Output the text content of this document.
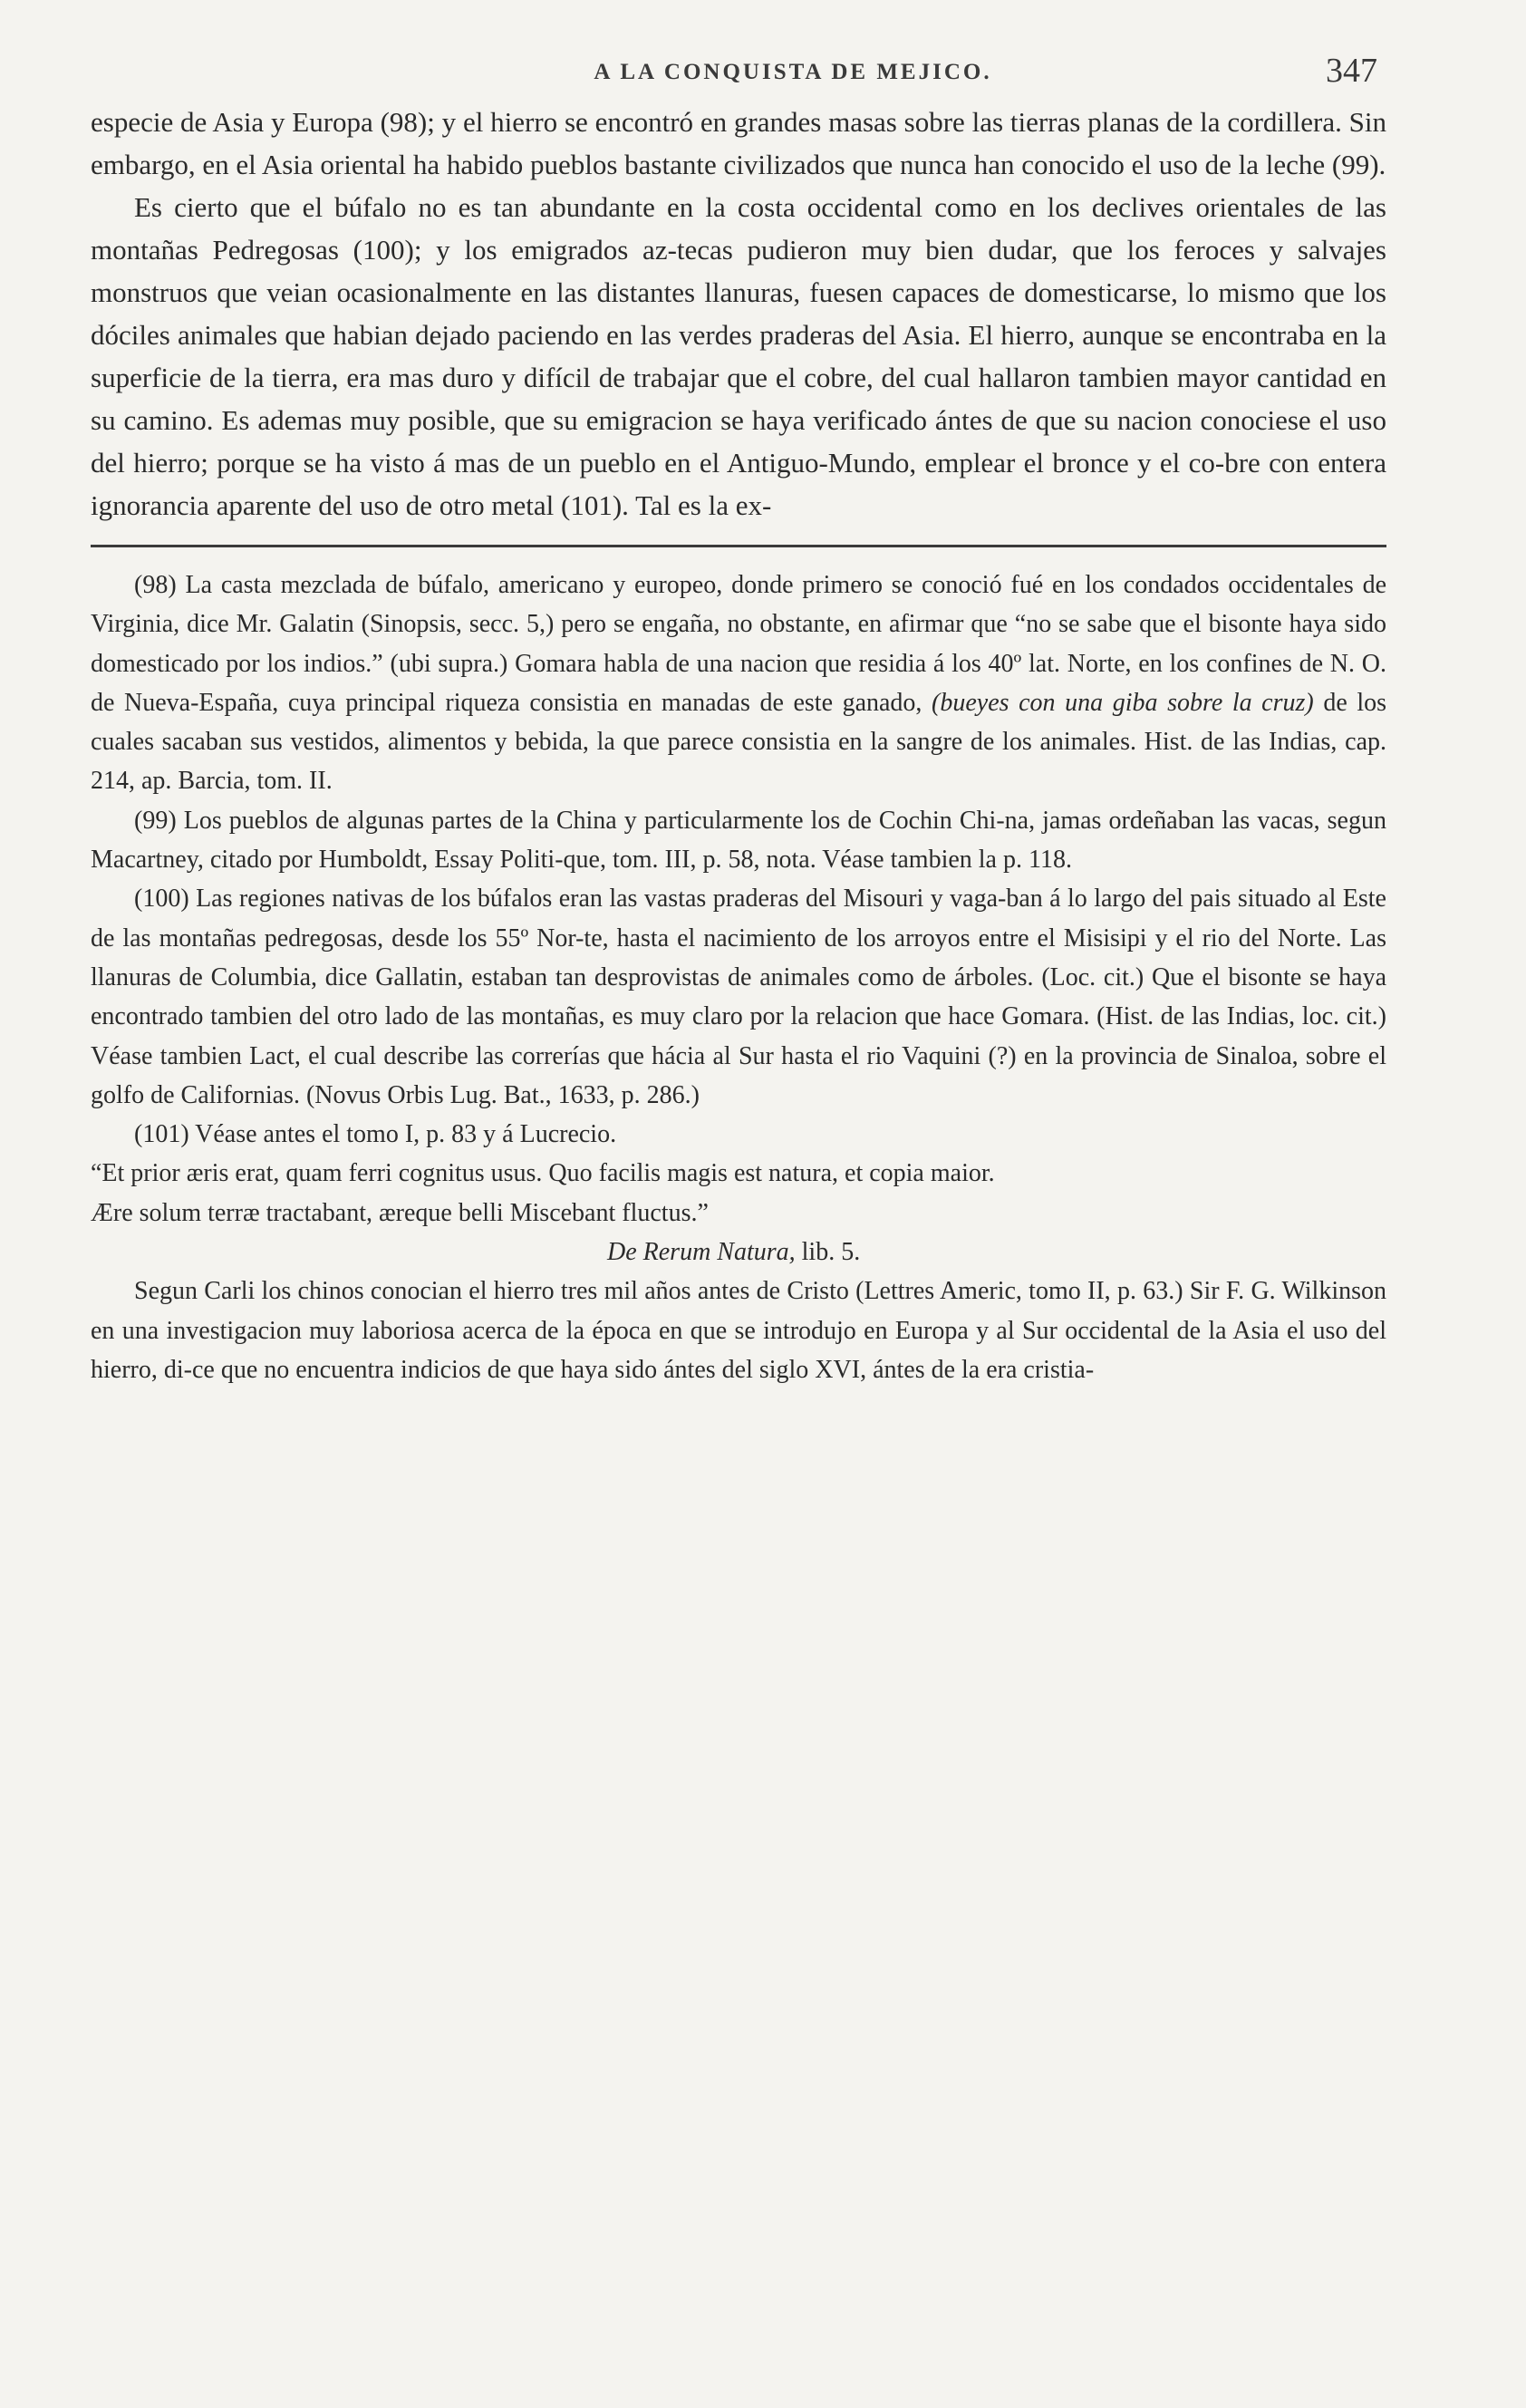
A LA CONQUISTA DE MEJICO.	347

especie de Asia y Europa (98); y el hierro se encontró en grandes masas sobre las tierras planas de la cordillera. Sin embargo, en el Asia oriental ha habido pueblos bastante civilizados que nunca han conocido el uso de la leche (99).

Es cierto que el búfalo no es tan abundante en la costa occidental como en los declives orientales de las montañas Pedregosas (100); y los emigrados az-tecas pudieron muy bien dudar, que los feroces y salvajes monstruos que veian ocasionalmente en las distantes llanuras, fuesen capaces de domesticarse, lo mismo que los dóciles animales que habian dejado paciendo en las verdes praderas del Asia. El hierro, aunque se encontraba en la superficie de la tierra, era mas duro y difícil de trabajar que el cobre, del cual hallaron tambien mayor cantidad en su camino. Es ademas muy posible, que su emigracion se haya verificado ántes de que su nacion conociese el uso del hierro; porque se ha visto á mas de un pueblo en el Antiguo-Mundo, emplear el bronce y el co-bre con entera ignorancia aparente del uso de otro metal (101). Tal es la ex-

(98) La casta mezclada de búfalo, americano y europeo, donde primero se conoció fué en los condados occidentales de Virginia, dice Mr. Galatin (Sinopsis, secc. 5,) pero se engaña, no obstante, en afirmar que “no se sabe que el bisonte haya sido domesticado por los indios.” (ubi supra.) Gomara habla de una nacion que residia á los 40º lat. Norte, en los confines de N. O. de Nueva-España, cuya principal riqueza consistia en manadas de este ganado, (bueyes con una giba sobre la cruz) de los cuales sacaban sus vestidos, alimentos y bebida, la que parece consistia en la sangre de los animales. Hist. de las Indias, cap. 214, ap. Barcia, tom. II.

(99) Los pueblos de algunas partes de la China y particularmente los de Cochin Chi-na, jamas ordeñaban las vacas, segun Macartney, citado por Humboldt, Essay Politi-que, tom. III, p. 58, nota. Véase tambien la p. 118.

(100) Las regiones nativas de los búfalos eran las vastas praderas del Misouri y vaga-ban á lo largo del pais situado al Este de las montañas pedregosas, desde los 55º Nor-te, hasta el nacimiento de los arroyos entre el Misisipi y el rio del Norte. Las llanuras de Columbia, dice Gallatin, estaban tan desprovistas de animales como de árboles. (Loc. cit.) Que el bisonte se haya encontrado tambien del otro lado de las montañas, es muy claro por la relacion que hace Gomara. (Hist. de las Indias, loc. cit.) Véase tambien Lact, el cual describe las correrías que hácia al Sur hasta el rio Vaquini (?) en la provincia de Sinaloa, sobre el golfo de Californias. (Novus Orbis Lug. Bat., 1633, p. 286.)

(101) Véase antes el tomo I, p. 83 y á Lucrecio.

“Et prior æris erat, quam ferri cognitus usus. Quo facilis magis est natura, et copia maior.

Ære solum terræ tractabant, æreque belli Miscebant fluctus.”

De Rerum Natura, lib. 5.

Segun Carli los chinos conocian el hierro tres mil años antes de Cristo (Lettres Americ, tomo II, p. 63.) Sir F. G. Wilkinson en una investigacion muy laboriosa acerca de la época en que se introdujo en Europa y al Sur occidental de la Asia el uso del hierro, di-ce que no encuentra indicios de que haya sido ántes del siglo XVI, ántes de la era cristia-
